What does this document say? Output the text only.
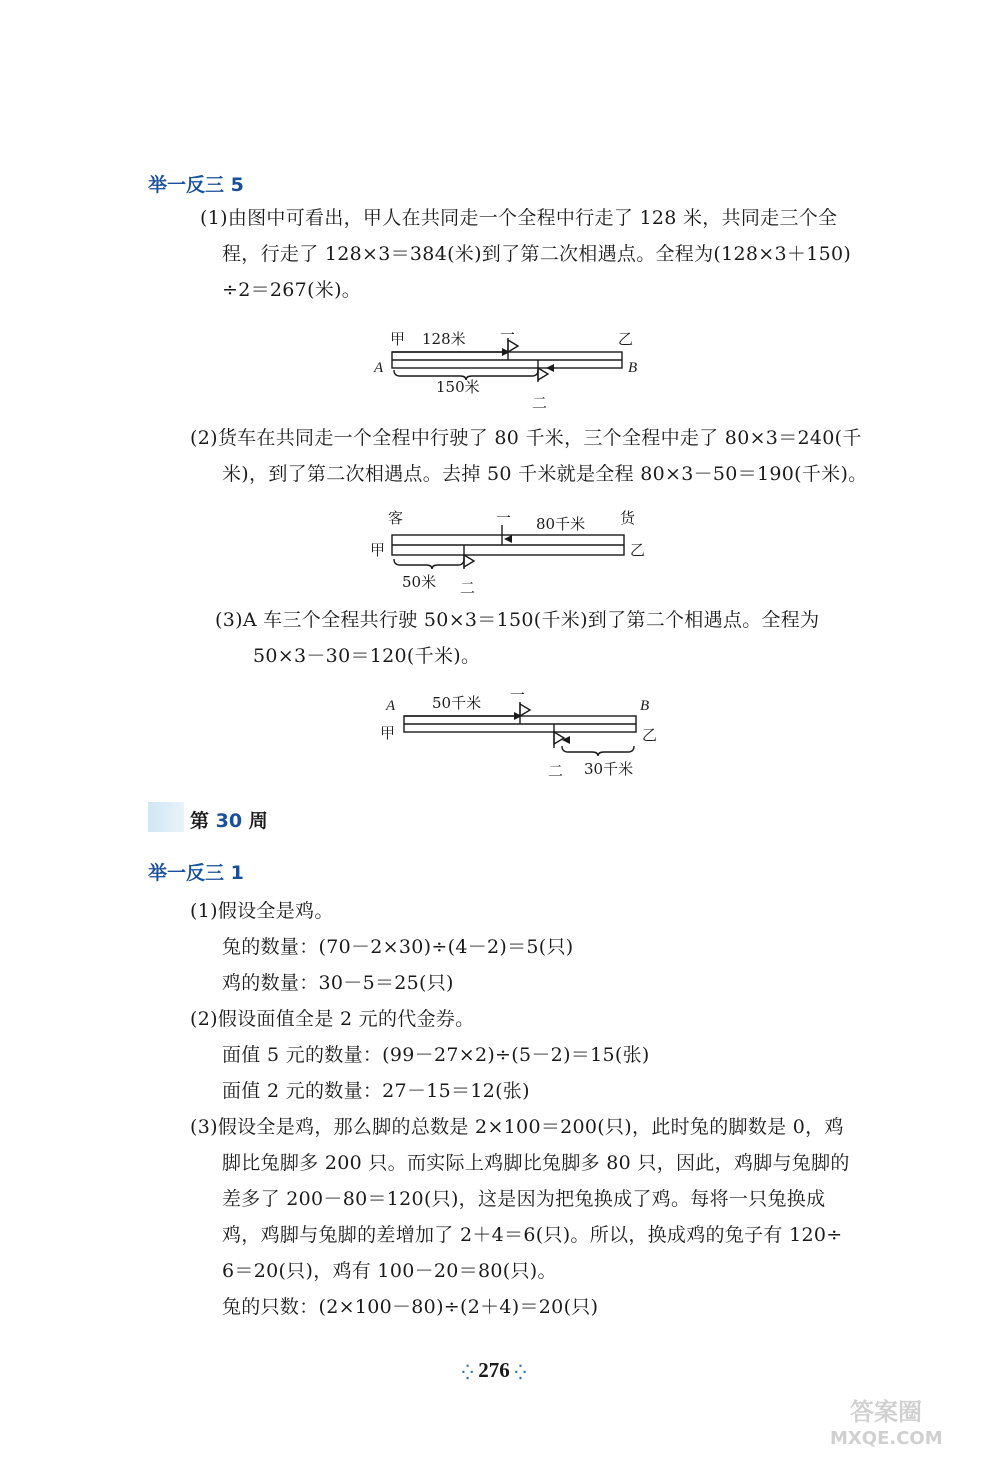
举一反三 5
(1)由图中可看出，甲人在共同走一个全程中行走了 128 米，共同走三个全
程，行走了 128×3＝384(米)到了第二次相遇点。全程为(128×3＋150)
÷2＝267(米)。
甲 128米 一	乙
A	B
150米
二
(2)货车在共同走一个全程中行驶了 80 千米，三个全程中走了 80×3＝240(千
米)，到了第二次相遇点。去掉 50 千米就是全程 80×3－50＝190(千米)。
客	一 80千米 货
甲	乙
50米 二
(3)A 车三个全程共行驶 50×3＝150(千米)到了第二个相遇点。全程为
50×3－30＝120(千米)。
A 50千米 一
B
甲	乙
二 30千米
第 30 周
举一反三 1
(1)假设全是鸡。
兔的数量：(70－2×30)÷(4－2)＝5(只)
鸡的数量：30－5＝25(只)
(2)假设面值全是 2 元的代金券。
面值 5 元的数量：(99－27×2)÷(5－2)＝15(张)
面值 2 元的数量：27－15＝12(张)
(3)假设全是鸡，那么脚的总数是 2×100＝200(只)，此时兔的脚数是 0，鸡
脚比兔脚多 200 只。而实际上鸡脚比兔脚多 80 只，因此，鸡脚与兔脚的
差多了 200－80＝120(只)，这是因为把兔换成了鸡。每将一只兔换成
鸡，鸡脚与兔脚的差增加了 2＋4＝6(只)。所以，换成鸡的兔子有 120÷
6＝20(只)，鸡有 100－20＝80(只)。
兔的只数：(2×100－80)÷(2＋4)＝20(只)
⁛ 276 ⁛
答案圈
MXQE.COM
